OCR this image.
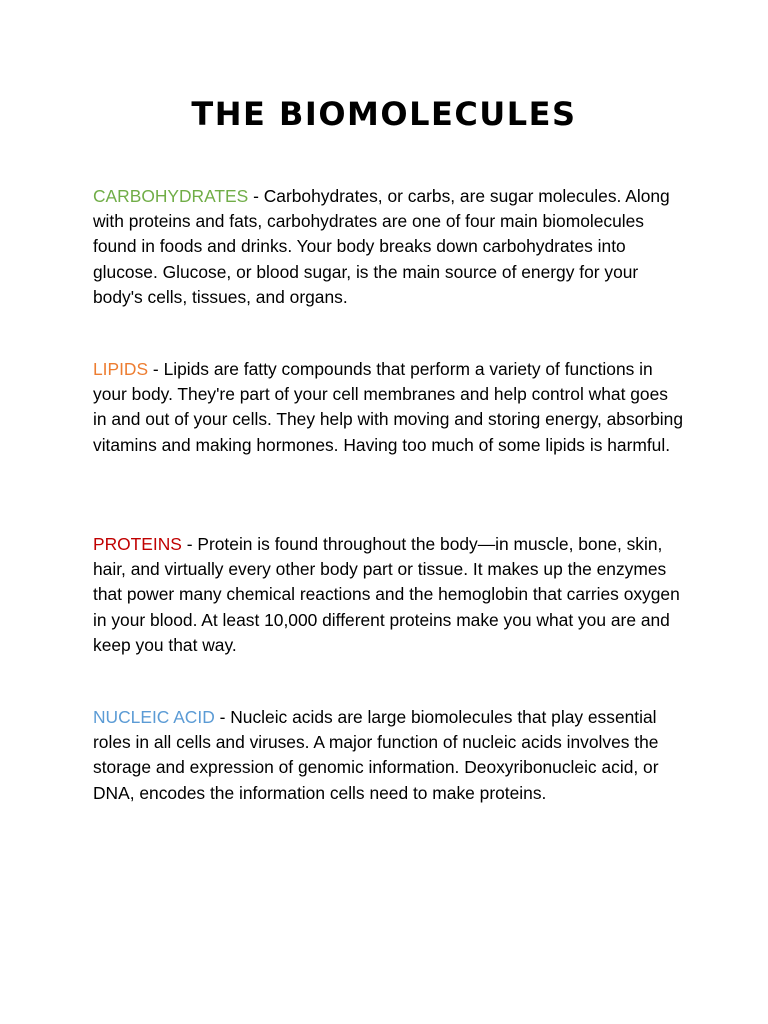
THE BIOMOLECULES

CARBOHYDRATES - Carbohydrates, or carbs, are sugar molecules. Along with proteins and fats, carbohydrates are one of four main biomolecules found in foods and drinks. Your body breaks down carbohydrates into glucose. Glucose, or blood sugar, is the main source of energy for your body's cells, tissues, and organs.

LIPIDS - Lipids are fatty compounds that perform a variety of functions in your body. They're part of your cell membranes and help control what goes in and out of your cells. They help with moving and storing energy, absorbing vitamins and making hormones. Having too much of some lipids is harmful.

PROTEINS - Protein is found throughout the body—in muscle, bone, skin, hair, and virtually every other body part or tissue. It makes up the enzymes that power many chemical reactions and the hemoglobin that carries oxygen in your blood. At least 10,000 different proteins make you what you are and keep you that way.

NUCLEIC ACID - Nucleic acids are large biomolecules that play essential roles in all cells and viruses. A major function of nucleic acids involves the storage and expression of genomic information. Deoxyribonucleic acid, or DNA, encodes the information cells need to make proteins.
